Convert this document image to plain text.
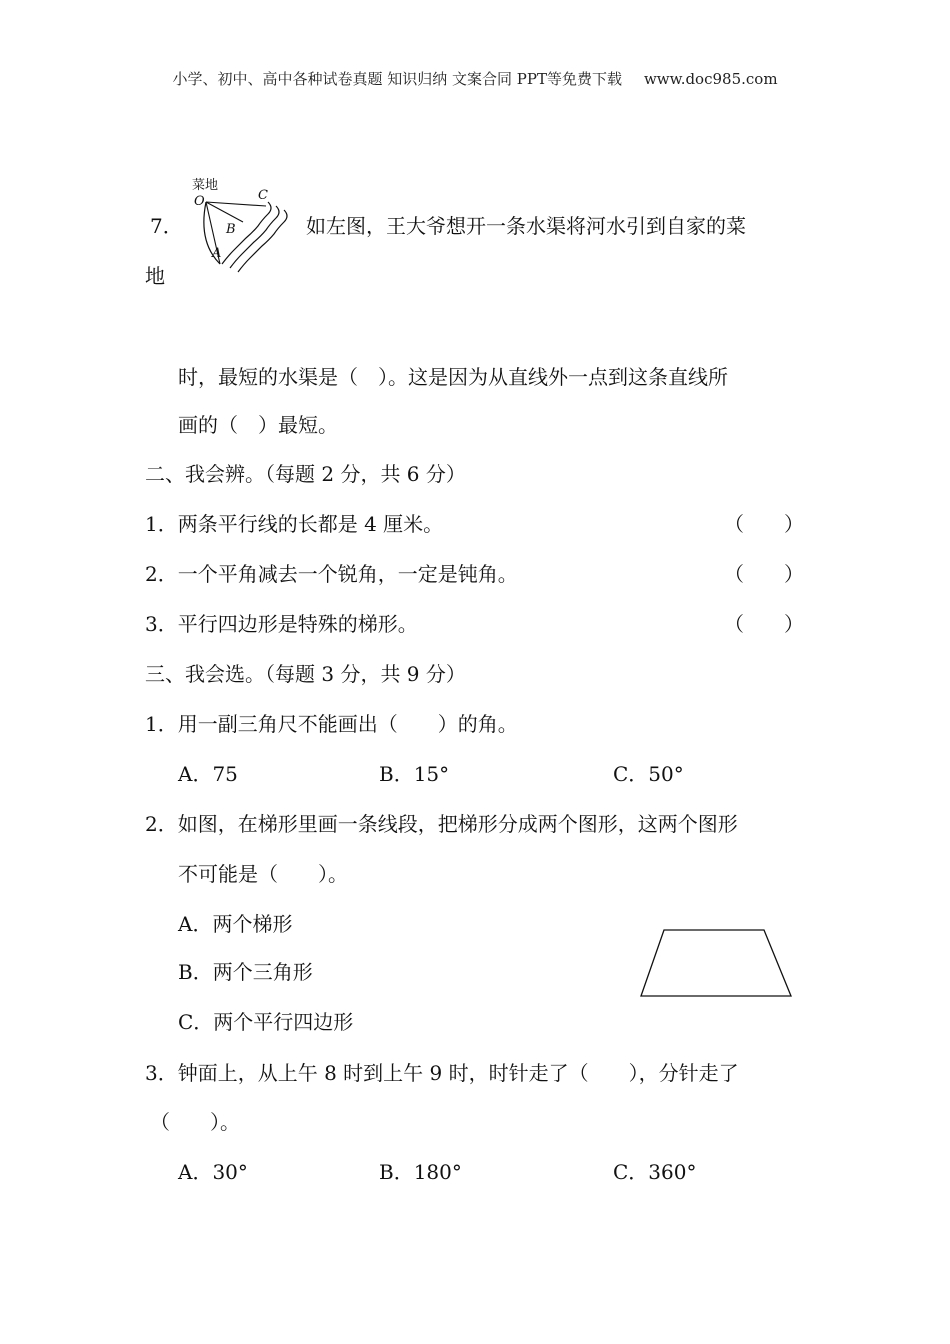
小学、初中、高中各种试卷真题 知识归纳 文案合同 PPT等免费下载 www.doc985.com
7．
菜地
O	C
B
A
如左图，王大爷想开一条水渠将河水引到自家的菜
地
时，最短的水渠是（　）。这是因为从直线外一点到这条直线所
画的（　）最短。
二、我会辨。（每题 2 分，共 6 分）
1．两条平行线的长都是 4 厘米。	（　　）
2．一个平角减去一个锐角，一定是钝角。	（　　）
3．平行四边形是特殊的梯形。	（　　）
三、我会选。（每题 3 分，共 9 分）
1．用一副三角尺不能画出（　　）的角。
A．75	B．15°	C．50°
2．如图，在梯形里画一条线段，把梯形分成两个图形，这两个图形
不可能是（　　）。
A．两个梯形
B．两个三角形
C．两个平行四边形
3．钟面上，从上午 8 时到上午 9 时，时针走了（　　），分针走了
（　　）。
A．30°	B．180°	C．360°
